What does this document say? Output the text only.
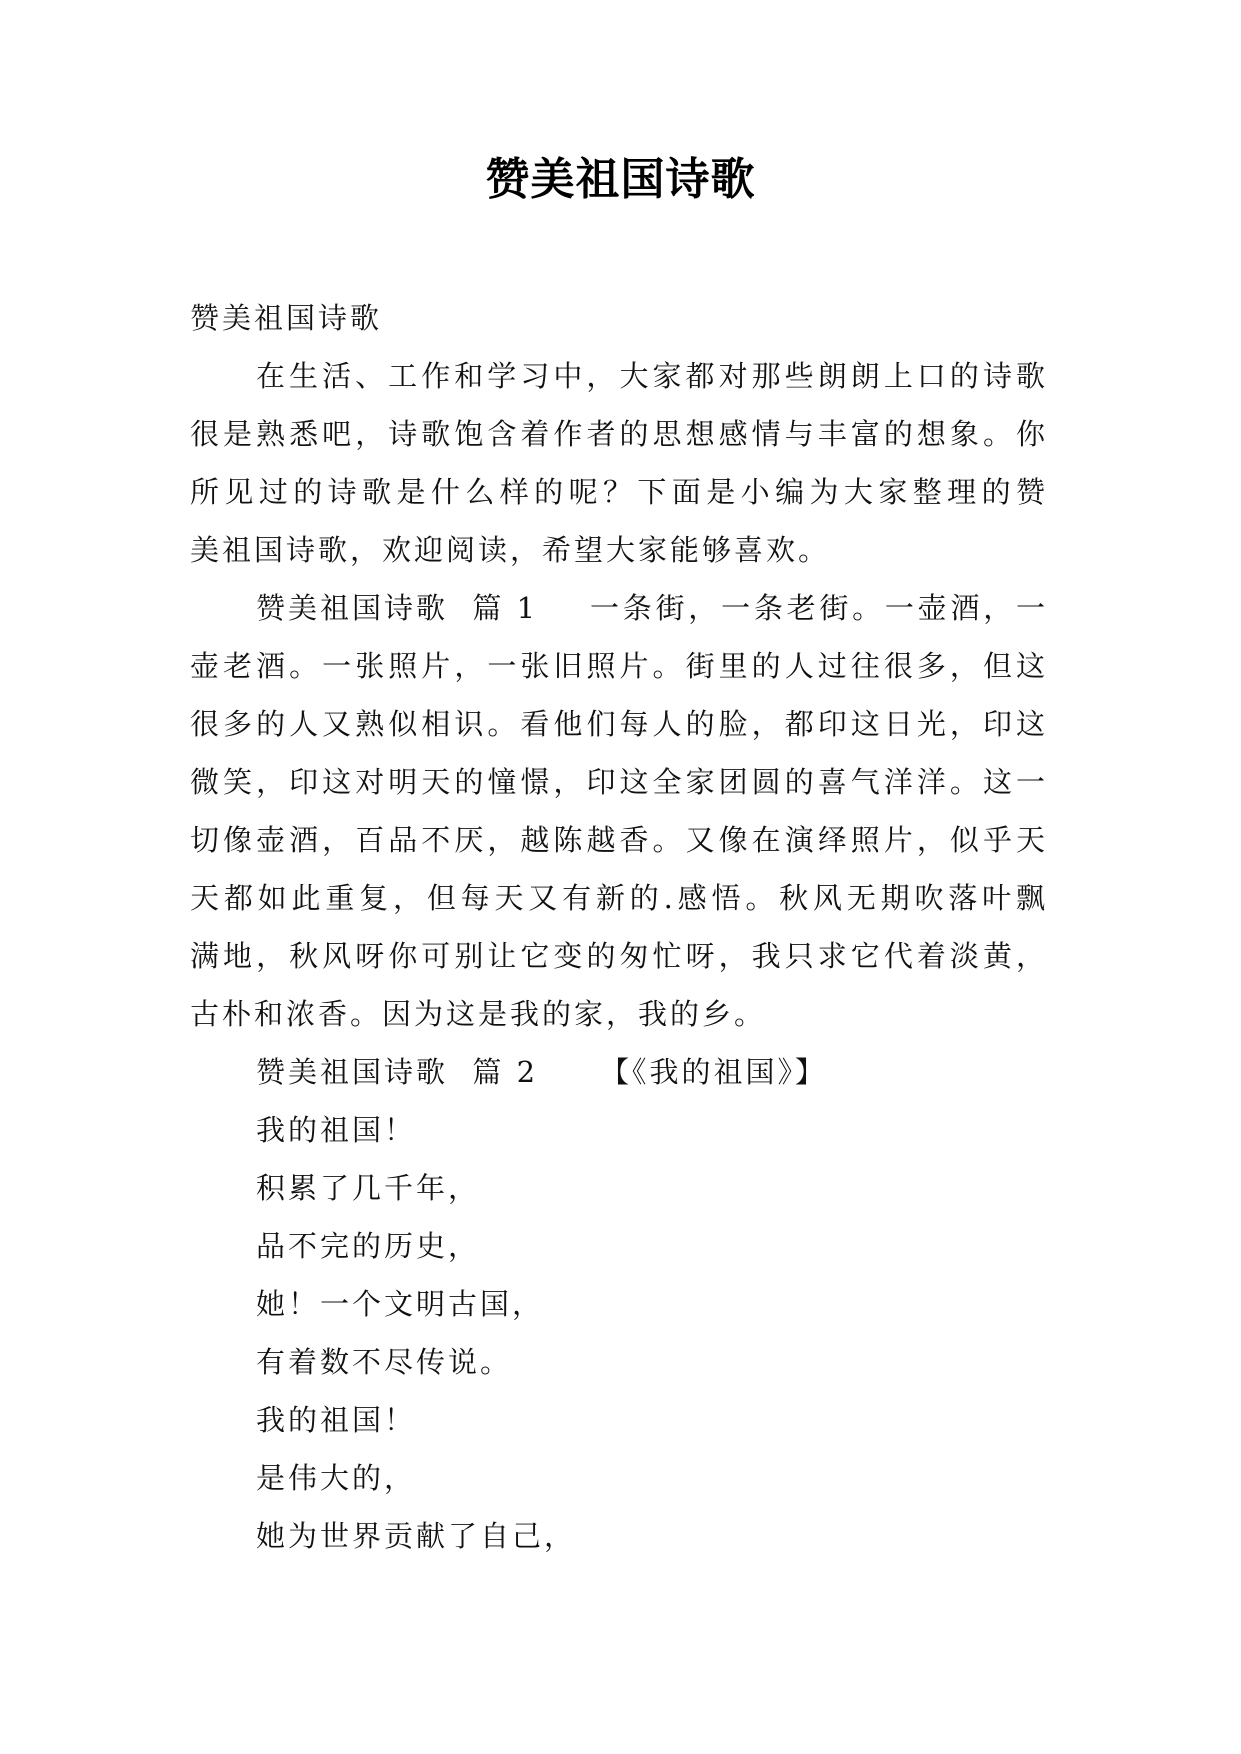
赞美祖国诗歌
赞美祖国诗歌
在生活、工作和学习中，大家都对那些朗朗上口的诗歌
很是熟悉吧，诗歌饱含着作者的思想感情与丰富的想象。你
所见过的诗歌是什么样的呢？下面是小编为大家整理的赞
美祖国诗歌，欢迎阅读，希望大家能够喜欢。
赞美祖国诗歌  篇 1 一条街，一条老街。一壶酒，一
壶老酒。一张照片，一张旧照片。街里的人过往很多，但这
很多的人又熟似相识。看他们每人的脸，都印这日光，印这
微笑，印这对明天的憧憬，印这全家团圆的喜气洋洋。这一
切像壶酒，百品不厌，越陈越香。又像在演绎照片，似乎天
天都如此重复，但每天又有新的.感悟。秋风无期吹落叶飘
满地，秋风呀你可别让它变的匆忙呀，我只求它代着淡黄，
古朴和浓香。因为这是我的家，我的乡。
赞美祖国诗歌  篇 2 【《我的祖国》】
我的祖国！
积累了几千年，
品不完的历史，
她！一个文明古国，
有着数不尽传说。
我的祖国！
是伟大的，
她为世界贡献了自己，
